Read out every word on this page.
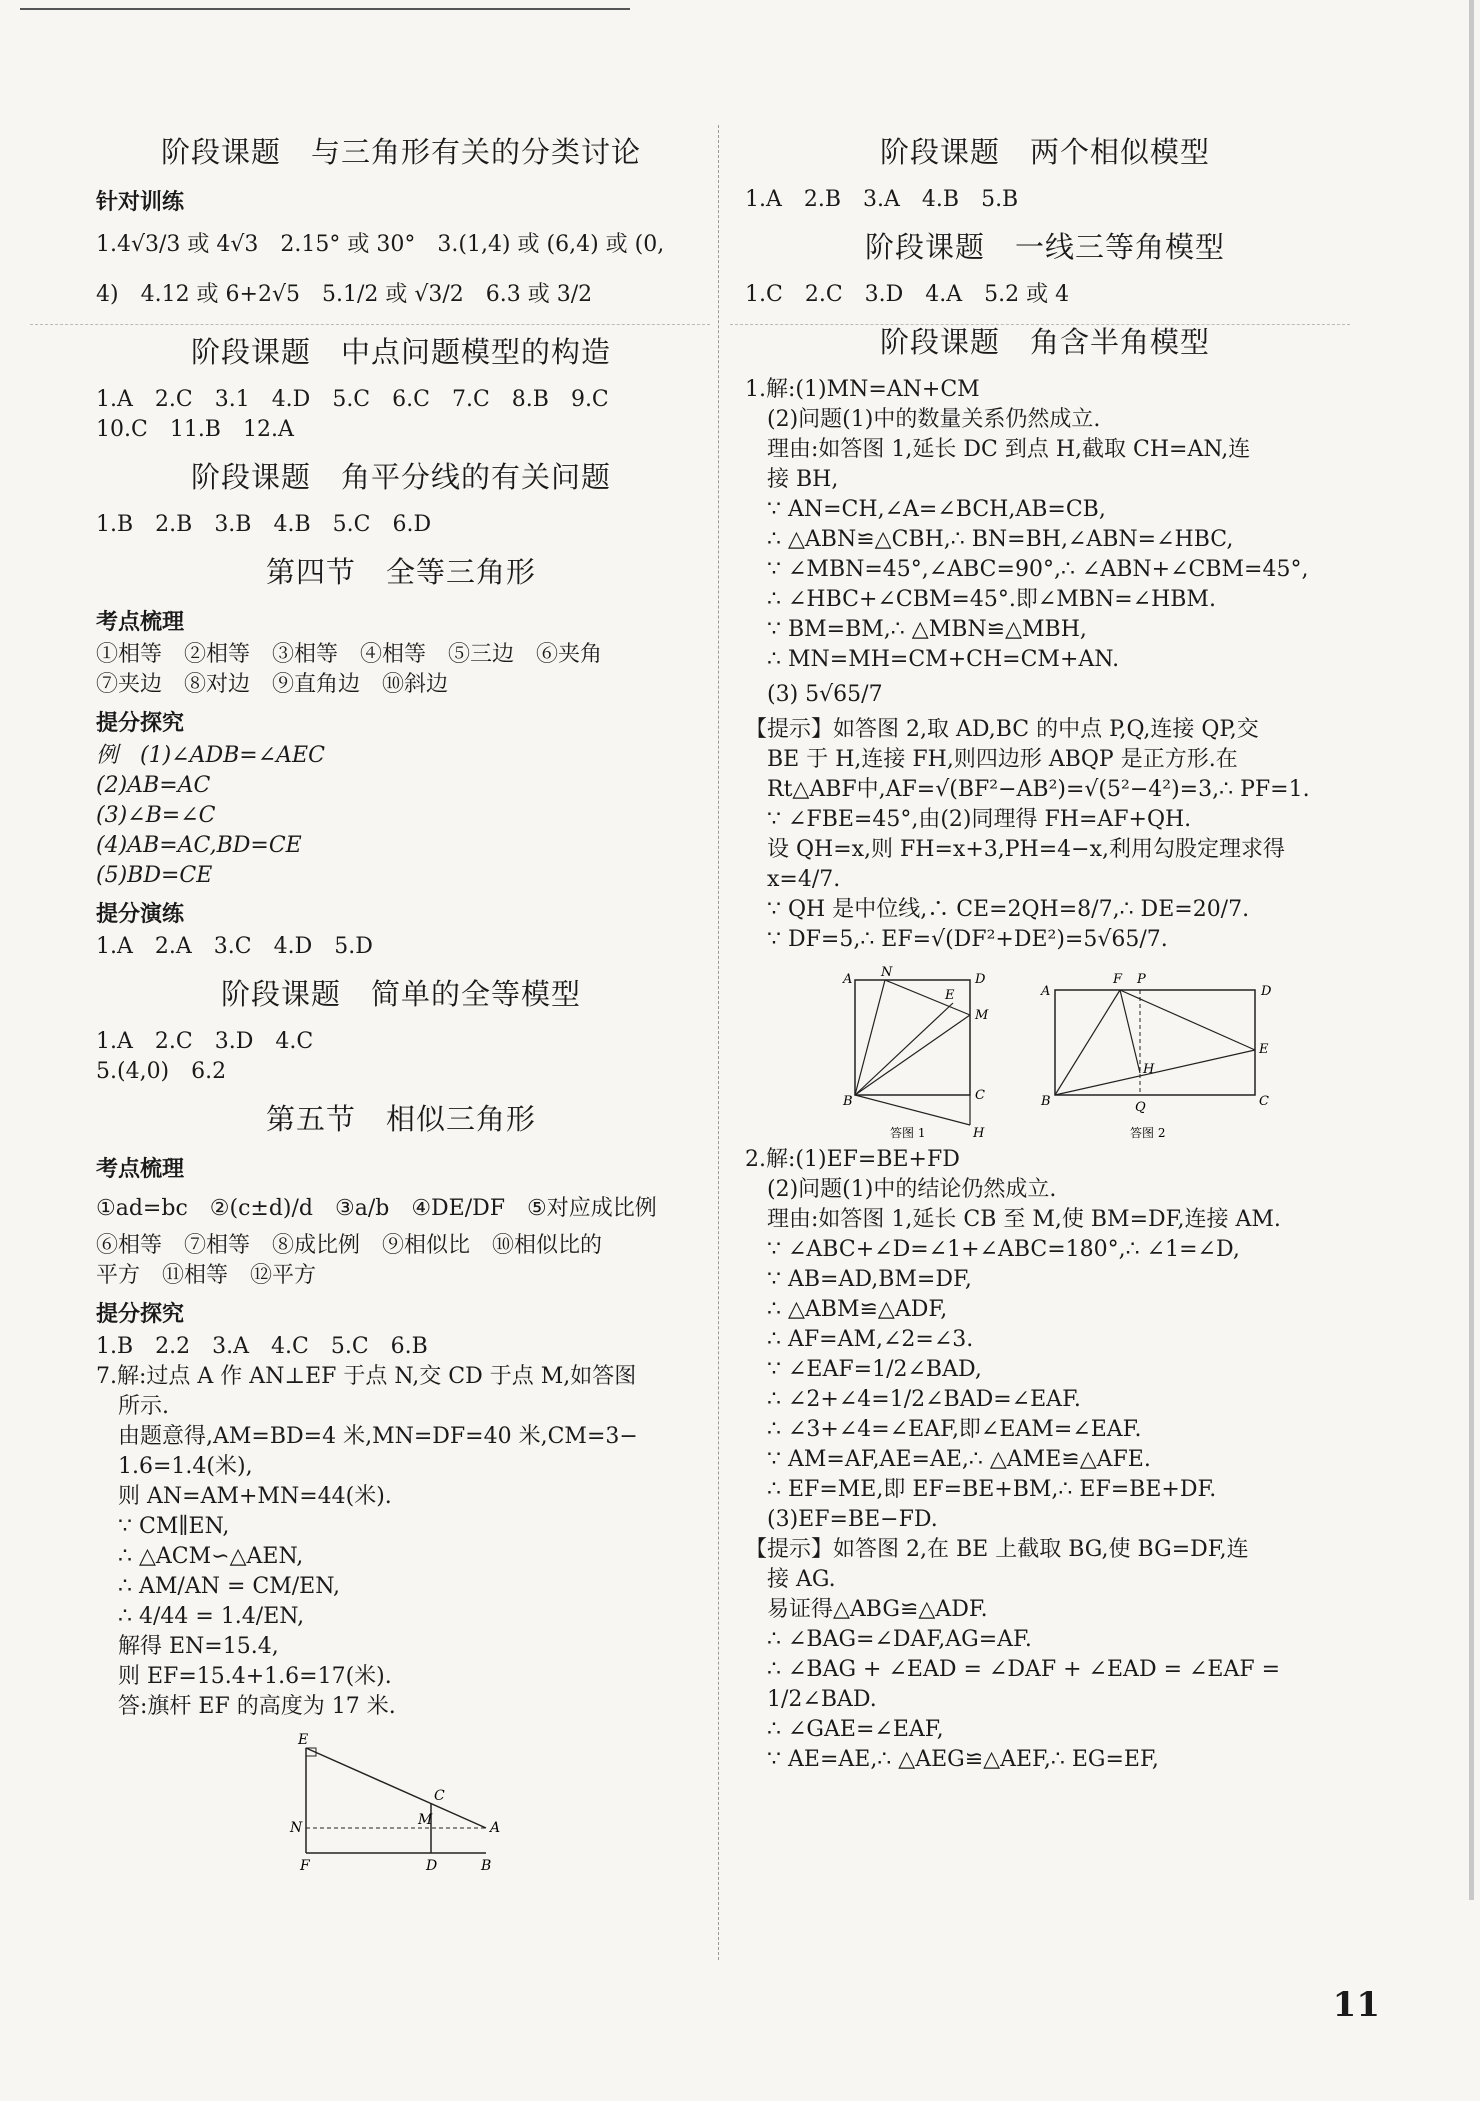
阶段课题　与三角形有关的分类讨论
针对训练

1.4√3/3 或 4√3　2.15° 或 30°　3.(1,4) 或 (6,4) 或 (0,

4)　4.12 或 6+2√5　5.1/2 或 √3/2　6.3 或 3/2

阶段课题　中点问题模型的构造

1.A　2.C　3.1　4.D　5.C　6.C　7.C　8.B　9.C

10.C　11.B　12.A

阶段课题　角平分线的有关问题

1.B　2.B　3.B　4.B　5.C　6.D

第四节　全等三角形
考点梳理

①相等　②相等　③相等　④相等　⑤三边　⑥夹角

⑦夹边　⑧对边　⑨直角边　⑩斜边

提分探究

例　(1)∠ADB=∠AEC

(2)AB=AC

(3)∠B=∠C

(4)AB=AC,BD=CE

(5)BD=CE

提分演练

1.A　2.A　3.C　4.D　5.D

阶段课题　简单的全等模型

1.A　2.C　3.D　4.C

5.(4,0)　6.2

第五节　相似三角形
考点梳理

①ad=bc　②(c±d)/d　③a/b　④DE/DF　⑤对应成比例

⑥相等　⑦相等　⑧成比例　⑨相似比　⑩相似比的

平方　⑪相等　⑫平方

提分探究

1.B　2.2　3.A　4.C　5.C　6.B

7.解:过点 A 作 AN⊥EF 于点 N,交 CD 于点 M,如答图

所示.

由题意得,AM=BD=4 米,MN=DF=40 米,CM=3−

1.6=1.4(米),

则 AN=AM+MN=44(米).

∵ CM∥EN,

∴ △ACM∽△AEN,

∴ AM/AN = CM/EN,

∴ 4/44 = 1.4/EN,

解得 EN=15.4,

则 EF=15.4+1.6=17(米).

答:旗杆 EF 的高度为 17 米.

E
N
F
M
C
A
D	B
阶段课题　两个相似模型

1.A　2.B　3.A　4.B　5.B

阶段课题　一线三等角模型

1.C　2.C　3.D　4.A　5.2 或 4

阶段课题　角含半角模型

1.解:(1)MN=AN+CM

(2)问题(1)中的数量关系仍然成立.

理由:如答图 1,延长 DC 到点 H,截取 CH=AN,连

接 BH,

∵ AN=CH,∠A=∠BCH,AB=CB,

∴ △ABN≌△CBH,∴ BN=BH,∠ABN=∠HBC,

∵ ∠MBN=45°,∠ABC=90°,∴ ∠ABN+∠CBM=45°,

∴ ∠HBC+∠CBM=45°.即∠MBN=∠HBM.

∵ BM=BM,∴ △MBN≌△MBH,

∴ MN=MH=CM+CH=CM+AN.

(3) 5√65/7

【提示】如答图 2,取 AD,BC 的中点 P,Q,连接 QP,交

BE 于 H,连接 FH,则四边形 ABQP 是正方形.在

Rt△ABF中,AF=√(BF²−AB²)=√(5²−4²)=3,∴ PF=1.

∵ ∠FBE=45°,由(2)同理得 FH=AF+QH.

设 QH=x,则 FH=x+3,PH=4−x,利用勾股定理求得

x=4/7.

∵ QH 是中位线,∴ CE=2QH=8/7,∴ DE=20/7.

∵ DF=5,∴ EF=√(DF²+DE²)=5√65/7.

A N	D
E
M
B	C
H
答图 1
A
F P
D
H
E
B	Q	C
答图 2

2.解:(1)EF=BE+FD

(2)问题(1)中的结论仍然成立.

理由:如答图 1,延长 CB 至 M,使 BM=DF,连接 AM.

∵ ∠ABC+∠D=∠1+∠ABC=180°,∴ ∠1=∠D,

∵ AB=AD,BM=DF,

∴ △ABM≌△ADF,

∴ AF=AM,∠2=∠3.

∵ ∠EAF=1/2∠BAD,

∴ ∠2+∠4=1/2∠BAD=∠EAF.

∴ ∠3+∠4=∠EAF,即∠EAM=∠EAF.

∵ AM=AF,AE=AE,∴ △AME≌△AFE.

∴ EF=ME,即 EF=BE+BM,∴ EF=BE+DF.

(3)EF=BE−FD.

【提示】如答图 2,在 BE 上截取 BG,使 BG=DF,连

接 AG.

易证得△ABG≌△ADF.

∴ ∠BAG=∠DAF,AG=AF.

∴ ∠BAG + ∠EAD = ∠DAF + ∠EAD = ∠EAF =

1/2∠BAD.

∴ ∠GAE=∠EAF,

∵ AE=AE,∴ △AEG≌△AEF,∴ EG=EF,

11
